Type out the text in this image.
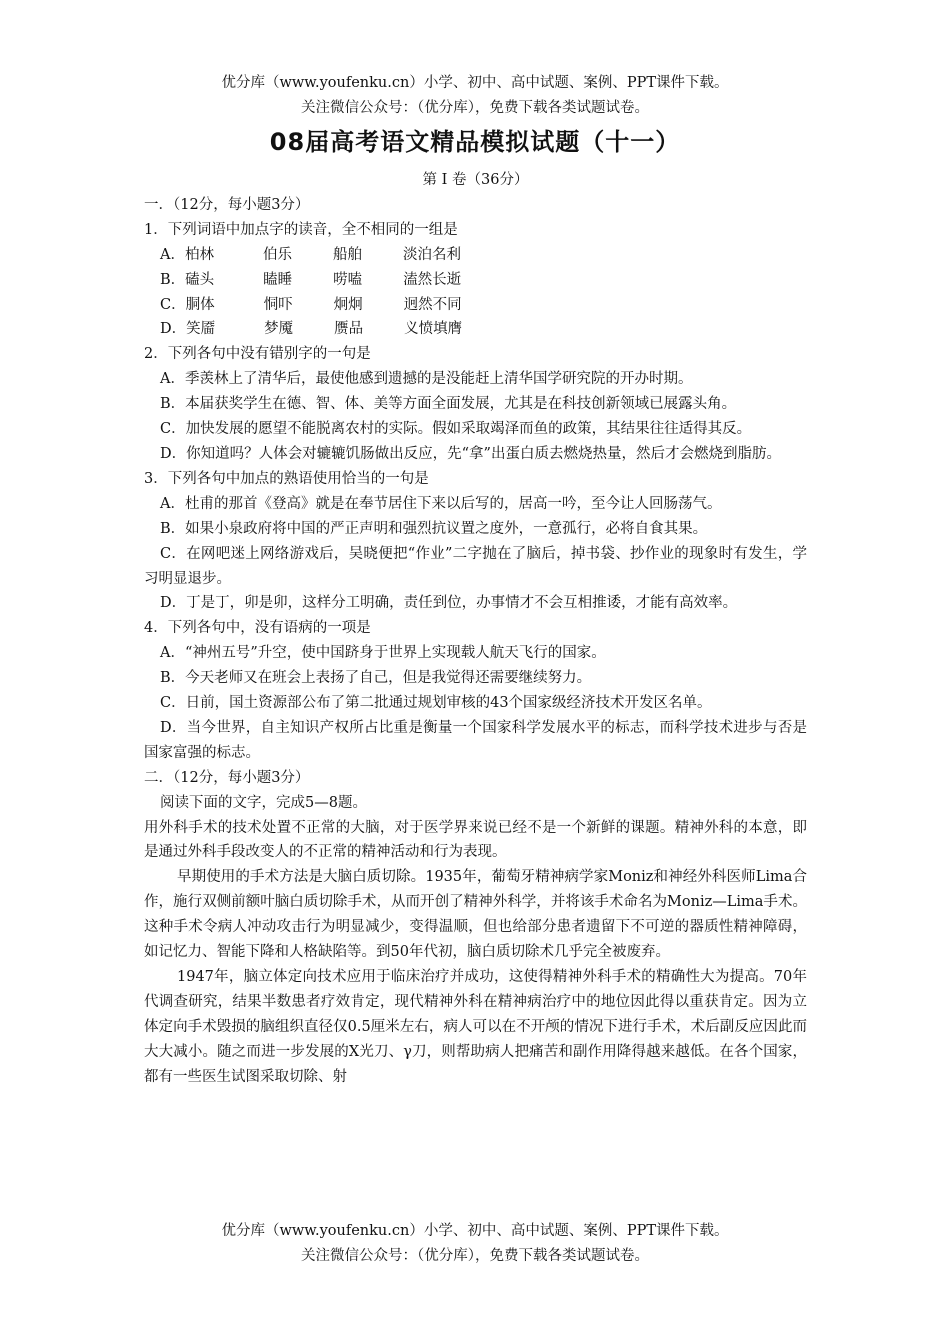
优分库（www.youfenku.cn）小学、初中、高中试题、案例、PPT课件下载。
关注微信公众号：（优分库），免费下载各类试题试卷。
08届高考语文精品模拟试题（十一）

第 I 卷（36分）

一．（12分，每小题3分）

1．下列词语中加点字的读音，全不相同的一组是

A．柏林	伯乐	船舶	淡泊名利

B．磕头	瞌睡	唠嗑	溘然长逝

C．胴体	恫吓	炯炯	迥然不同

D．笑靥	梦魇	赝品	义愤填膺

2．下列各句中没有错别字的一句是

A．季羡林上了清华后，最使他感到遗撼的是没能赶上清华国学研究院的开办时期。

B．本届获奖学生在德、智、体、美等方面全面发展，尤其是在科技创新领域已展露头角。

C．加快发展的愿望不能脱离农村的实际。假如采取竭泽而鱼的政策，其结果往往适得其反。

D．你知道吗？人体会对辘辘饥肠做出反应，先“拿”出蛋白质去燃烧热量，然后才会燃烧到脂肪。

3．下列各句中加点的熟语使用恰当的一句是

A．杜甫的那首《登高》就是在奉节居住下来以后写的，居高一吟，至今让人回肠荡气。

B．如果小泉政府将中国的严正声明和强烈抗议置之度外，一意孤行，必将自食其果。

C．在网吧迷上网络游戏后，吴晓便把“作业”二字抛在了脑后，掉书袋、抄作业的现象时有发生，学习明显退步。

D．丁是丁，卯是卯，这样分工明确，责任到位，办事情才不会互相推诿，才能有高效率。

4．下列各句中，没有语病的一项是

A．“神州五号”升空，使中国跻身于世界上实现载人航天飞行的国家。

B．今天老师又在班会上表扬了自己，但是我觉得还需要继续努力。

C．日前，国土资源部公布了第二批通过规划审核的43个国家级经济技术开发区名单。

D．当今世界，自主知识产权所占比重是衡量一个国家科学发展水平的标志，而科学技术进步与否是国家富强的标志。

二．（12分，每小题3分）

阅读下面的文字，完成5—8题。

用外科手术的技术处置不正常的大脑，对于医学界来说已经不是一个新鲜的课题。精神外科的本意，即是通过外科手段改变人的不正常的精神活动和行为表现。

早期使用的手术方法是大脑白质切除。1935年，葡萄牙精神病学家Moniz和神经外科医师Lima合作，施行双侧前额叶脑白质切除手术，从而开创了精神外科学，并将该手术命名为Moniz—Lima手术。这种手术令病人冲动攻击行为明显减少，变得温顺，但也给部分患者遗留下不可逆的器质性精神障碍，如记忆力、智能下降和人格缺陷等。到50年代初，脑白质切除术几乎完全被废弃。

1947年，脑立体定向技术应用于临床治疗并成功，这使得精神外科手术的精确性大为提高。70年代调查研究，结果半数患者疗效肯定，现代精神外科在精神病治疗中的地位因此得以重获肯定。因为立体定向手术毁损的脑组织直径仅0.5厘米左右，病人可以在不开颅的情况下进行手术，术后副反应因此而大大减小。随之而进一步发展的X光刀、γ刀，则帮助病人把痛苦和副作用降得越来越低。在各个国家，都有一些医生试图采取切除、射

优分库（www.youfenku.cn）小学、初中、高中试题、案例、PPT课件下载。
关注微信公众号：（优分库），免费下载各类试题试卷。
